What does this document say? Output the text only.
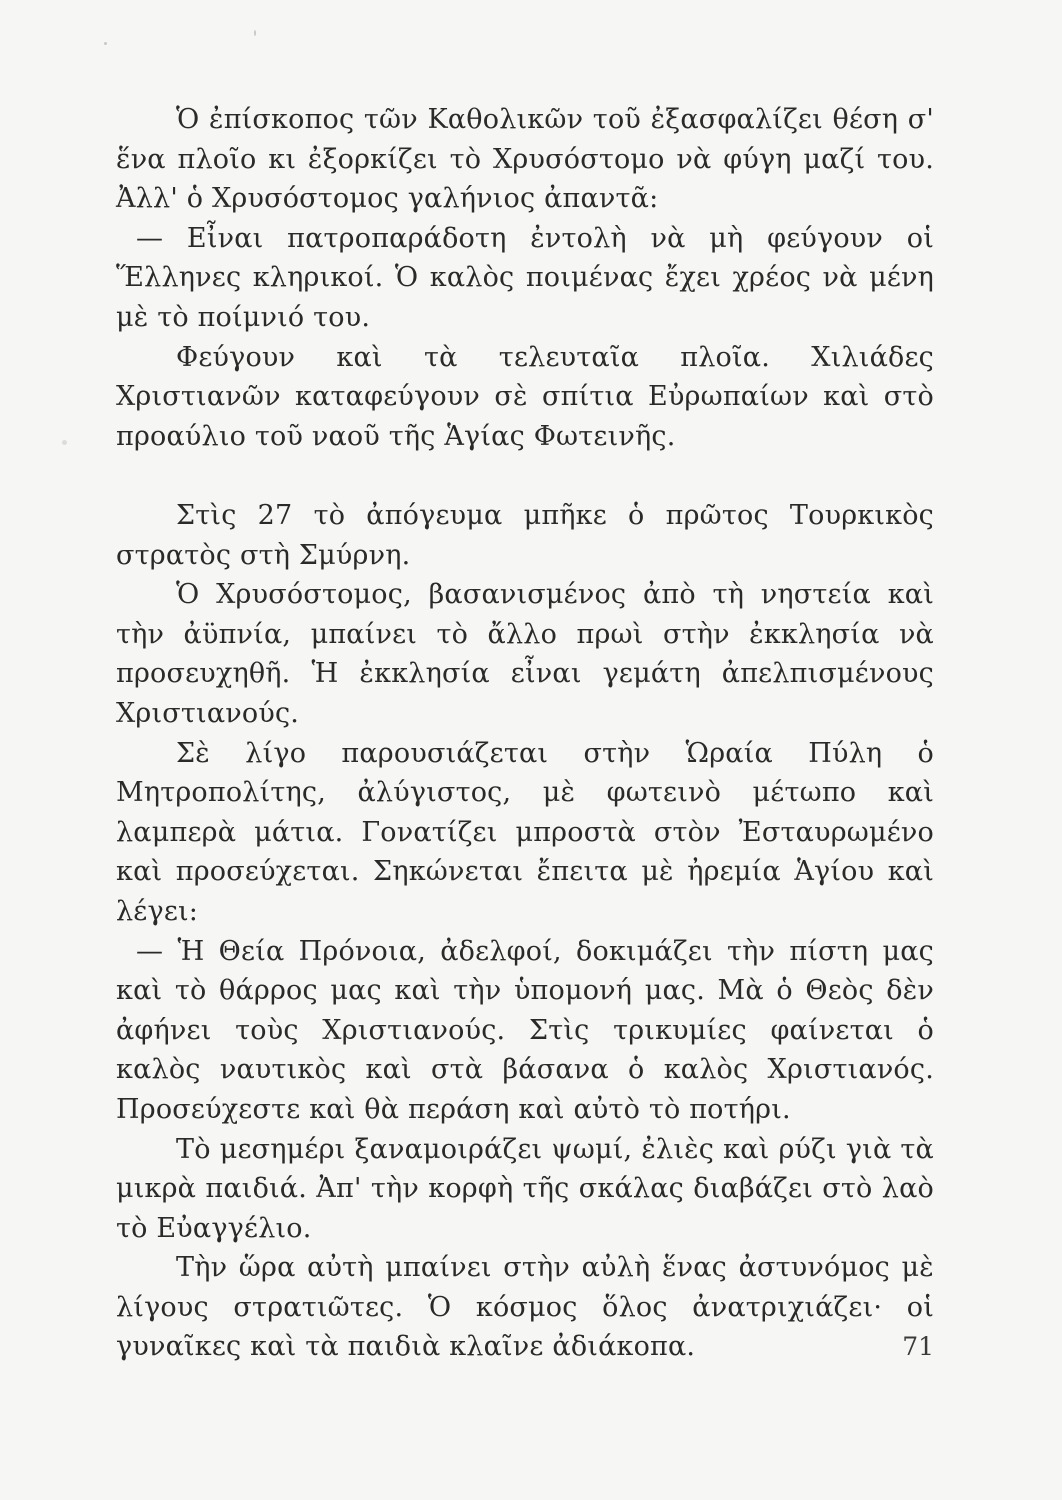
Ὁ ἐπίσκοπος τῶν Καθολικῶν τοῦ ἐξασφαλίζει θέση σ' ἕνα πλοῖο κι ἐξορκίζει τὸ Χρυσόστομο νὰ φύγη μαζί του. Ἀλλ' ὁ Χρυσόστομος γαλήνιος ἀπαντᾶ:

— Εἶναι πατροπαράδοτη ἐντολὴ νὰ μὴ φεύγουν οἱ Ἕλληνες κληρικοί. Ὁ καλὸς ποιμένας ἔχει χρέος νὰ μένη μὲ τὸ ποίμνιό του.

Φεύγουν καὶ τὰ τελευταῖα πλοῖα. Χιλιάδες Χριστιανῶν καταφεύγουν σὲ σπίτια Εὐρωπαίων καὶ στὸ προαύλιο τοῦ ναοῦ τῆς Ἁγίας Φωτεινῆς.

Στὶς 27 τὸ ἀπόγευμα μπῆκε ὁ πρῶτος Τουρκικὸς στρατὸς στὴ Σμύρνη.

Ὁ Χρυσόστομος, βασανισμένος ἀπὸ τὴ νηστεία καὶ τὴν ἀϋπνία, μπαίνει τὸ ἄλλο πρωὶ στὴν ἐκκλησία νὰ προσευχηθῆ. Ἡ ἐκκλησία εἶναι γεμάτη ἀπελπισμένους Χριστιανούς.

Σὲ λίγο παρουσιάζεται στὴν Ὡραία Πύλη ὁ Μητροπολίτης, ἀλύγιστος, μὲ φωτεινὸ μέτωπο καὶ λαμπερὰ μάτια. Γονατίζει μπροστὰ στὸν Ἐσταυρωμένο καὶ προσεύχεται. Σηκώνεται ἔπειτα μὲ ἠρεμία Ἁγίου καὶ λέγει:

— Ἡ Θεία Πρόνοια, ἀδελφοί, δοκιμάζει τὴν πίστη μας καὶ τὸ θάρρος μας καὶ τὴν ὑπομονή μας. Μὰ ὁ Θεὸς δὲν ἀφήνει τοὺς Χριστιανούς. Στὶς τρικυμίες φαίνεται ὁ καλὸς ναυτικὸς καὶ στὰ βάσανα ὁ καλὸς Χριστιανός. Προσεύχεστε καὶ θὰ περάση καὶ αὐτὸ τὸ ποτήρι.

Τὸ μεσημέρι ξαναμοιράζει ψωμί, ἐλιὲς καὶ ρύζι γιὰ τὰ μικρὰ παιδιά. Ἀπ' τὴν κορφὴ τῆς σκάλας διαβάζει στὸ λαὸ τὸ Εὐαγγέλιο.

Τὴν ὥρα αὐτὴ μπαίνει στὴν αὐλὴ ἕνας ἀστυνόμος μὲ λίγους στρατιῶτες. Ὁ κόσμος ὅλος ἀνατριχιάζει· οἱ γυναῖκες καὶ τὰ παιδιὰ κλαῖνε ἀδιάκοπα.	71
